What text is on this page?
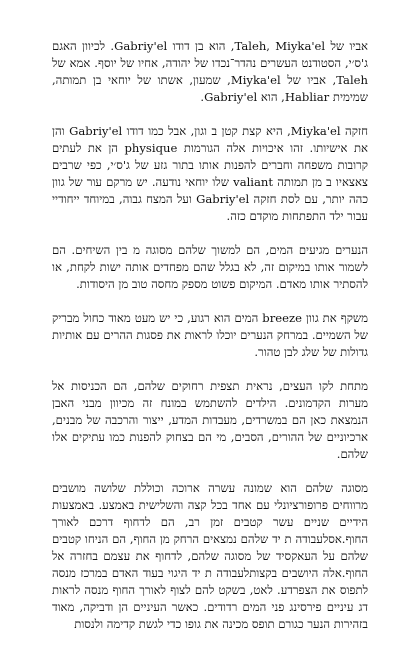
אביו של Taleh, Miyka'el, הוא בן דודו Gabriy'el. לכיוון האגם ג'ס׳י, הסטודנט העשרים נהדר־נכדו של יהודה, אחיו של יוסף. אמא של Taleh, אביו של Miyka'el, שמעון, אשתו של יוחאי בן תמותה, שמימית Habliar, הוא Gabriy'el.

חזקה Miyka'el, היא קצת קטן ב וגון, אבל כמו דודו Gabriy'el והן את אישיותו. זהו איכויות אלה הגורמות physique הן את לעתים קרובות משפחה וחברים להפנות אותו בתור גזע של ג'ס׳י, כפי שרבים צאצאיו ב מן תמותה valiant שלו יוחאי נודעה. יש מרקם עור של גוון כהה יותר, עם לסת חזקה Gabriy'el ועל המצח גבוה, במיוחד ייחודיי עבור ילד התפתחות מוקדם כזה.

הנערים מגיעים המים, הם למשוך שלהם מסוגה מ בין השיחים. הם לשמור אותו במיקום זה, לא בגלל שהם מפחדים אותה ישות לקחת, או להסתיר אותו מאדם. המיקום פשוט מספק מחסה טוב מן היסודות.

משקף את גוון breeze המים הוא רגוע, כי יש מעט מאוד כחול מבריק של השמיים. במרחק הנערים יוכלו לראות את פסגות ההרים עם אותיות גדולות של שלג לבן טהור.

מתחת לקו העצים, נראית תצפית רחוקים שלהם, הם הכניסות אל מערות הקדמונים. הילדים להשתמש במונח זה מכיוון מבני האבן הנמצאת כאן הם במשרדים, מעבדות המדע, ייצור והרכבה של מבנים, ארכיוניים של ההורים, הסבים, מי הם בצחוק להפנות כמו עתיקים אלו שלהם.

מסוגה שלהם הוא שמונה עשרה ארוכה וכוללת שלושה מושבים מרווחים פרופורציונלי עם אחד בכל קצה והשלישית באמצע. באמצעות הידיים שניים עשר קטבים זמן רב, הם לדחוף דרכם לאורך החוף.אסלעבודה ת יד שלהם נמצאים הרחק מן החוף, הם הניחו קטבים שלהם על העאקסיד של מסוגה שלהם, לדחוף את עצמם בחזרה אל החוף.אלה היושבים בקצותלעבודה ת יד היגוי בעוד האדם במרכז מנסה לתפוס את הצפרדע. לאט, בשקט להם לצוף לאורך החוף מנסה לראות דג עיניים פירסינג פני המים רדודים. כאשר העיניים הן ודביקה, מאוד בזהירות הנער כגורם תופס מכינה את גופו כדי לגשת קדימה ולנסות
